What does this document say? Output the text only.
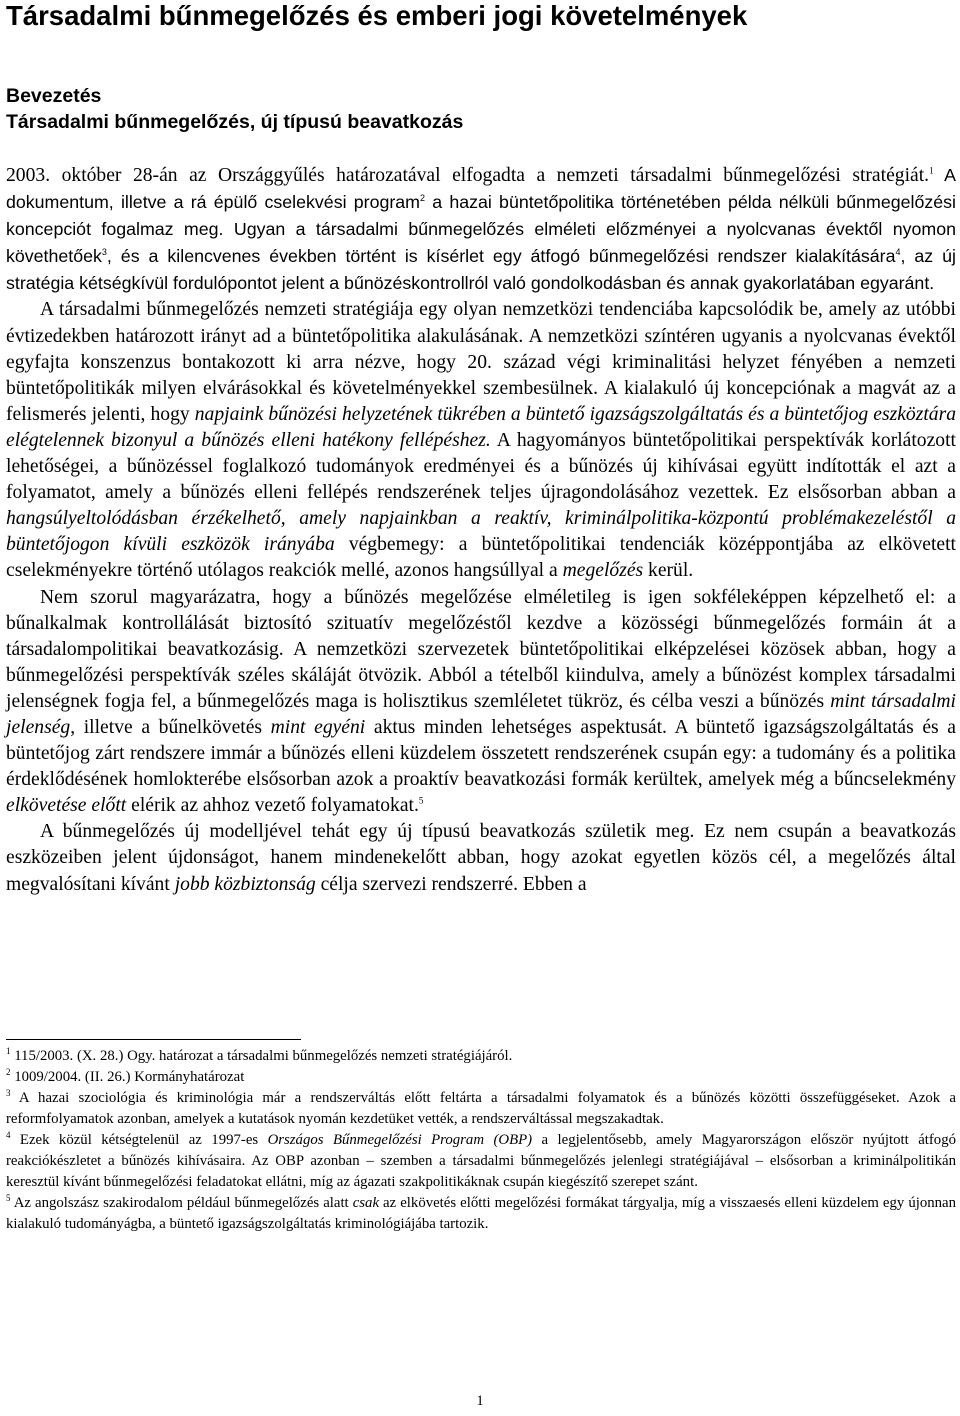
Társadalmi bűnmegelőzés és emberi jogi követelmények
Bevezetés
Társadalmi bűnmegelőzés, új típusú beavatkozás

2003. október 28-án az Országgyűlés határozatával elfogadta a nemzeti társadalmi bűnmegelőzési stratégiát.$^1$ A dokumentum, illetve a rá épülő cselekvési program$^2$ a hazai büntetőpolitika történetében példa nélküli bűnmegelőzési koncepciót fogalmaz meg. Ugyan a társadalmi bűnmegelőzés elméleti előzményei a nyolcvanas évektől nyomon követhetőek$^3$, és a kilencvenes években történt is kísérlet egy átfogó bűnmegelőzési rendszer kialakítására$^4$, az új stratégia kétségkívül fordulópontot jelent a bűnözéskontrollról való gondolkodásban és annak gyakorlatában egyaránt.

A társadalmi bűnmegelőzés nemzeti stratégiája egy olyan nemzetközi tendenciába kapcsolódik be, amely az utóbbi évtizedekben határozott irányt ad a büntetőpolitika alakulásának. A nemzetközi színtéren ugyanis a nyolcvanas évektől egyfajta konszenzus bontakozott ki arra nézve, hogy 20. század végi kriminalitási helyzet fényében a nemzeti büntetőpolitikák milyen elvárásokkal és követelményekkel szembesülnek. A kialakuló új koncepciónak a magvát az a felismerés jelenti, hogy napjaink bűnözési helyzetének tükrében a büntető igazságszolgáltatás és a büntetőjog eszköztára elégtelennek bizonyul a bűnözés elleni hatékony fellépéshez. A hagyományos büntetőpolitikai perspektívák korlátozott lehetőségei, a bűnözéssel foglalkozó tudományok eredményei és a bűnözés új kihívásai együtt indították el azt a folyamatot, amely a bűnözés elleni fellépés rendszerének teljes újragondolásához vezettek. Ez elsősorban abban a hangsúlyeltolódásban érzékelhető, amely napjainkban a reaktív, kriminálpolitika-központú problémakezeléstől a büntetőjogon kívüli eszközök irányába végbemegy: a büntetőpolitikai tendenciák középpontjába az elkövetett cselekményekre történő utólagos reakciók mellé, azonos hangsúllyal a megelőzés kerül.

Nem szorul magyarázatra, hogy a bűnözés megelőzése elméletileg is igen sokféleképpen képzelhető el: a bűnalkalmak kontrollálását biztosító szituatív megelőzéstől kezdve a közösségi bűnmegelőzés formáin át a társadalompolitikai beavatkozásig. A nemzetközi szervezetek büntetőpolitikai elképzelései közösek abban, hogy a bűnmegelőzési perspektívák széles skáláját ötvözik. Abból a tételből kiindulva, amely a bűnözést komplex társadalmi jelenségnek fogja fel, a bűnmegelőzés maga is holisztikus szemléletet tükröz, és célba veszi a bűnözés mint társadalmi jelenség, illetve a bűnelkövetés mint egyéni aktus minden lehetséges aspektusát. A büntető igazságszolgáltatás és a büntetőjog zárt rendszere immár a bűnözés elleni küzdelem összetett rendszerének csupán egy: a tudomány és a politika érdeklődésének homlokterébe elsősorban azok a proaktív beavatkozási formák kerültek, amelyek még a bűncselekmény elkövetése előtt elérik az ahhoz vezető folyamatokat.$^5$

A bűnmegelőzés új modelljével tehát egy új típusú beavatkozás születik meg. Ez nem csupán a beavatkozás eszközeiben jelent újdonságot, hanem mindenekelőtt abban, hogy azokat egyetlen közös cél, a megelőzés által megvalósítani kívánt jobb közbiztonság célja szervezi rendszerré. Ebben a

$^1$ 115/2003. (X. 28.) Ogy. határozat a társadalmi bűnmegelőzés nemzeti stratégiájáról.

$^2$ 1009/2004. (II. 26.) Kormányhatározat

$^3$ A hazai szociológia és kriminológia már a rendszerváltás előtt feltárta a társadalmi folyamatok és a bűnözés közötti összefüggéseket. Azok a reformfolyamatok azonban, amelyek a kutatások nyomán kezdetüket vették, a rendszerváltással megszakadtak.

$^4$ Ezek közül kétségtelenül az 1997-es Országos Bűnmegelőzési Program (OBP) a legjelentősebb, amely Magyarországon először nyújtott átfogó reakciókészletet a bűnözés kihívásaira. Az OBP azonban – szemben a társadalmi bűnmegelőzés jelenlegi stratégiájával – elsősorban a kriminálpolitikán keresztül kívánt bűnmegelőzési feladatokat ellátni, míg az ágazati szakpolitikáknak csupán kiegészítő szerepet szánt.

$^5$ Az angolszász szakirodalom például bűnmegelőzés alatt csak az elkövetés előtti megelőzési formákat tárgyalja, míg a visszaesés elleni küzdelem egy újonnan kialakuló tudományágba, a büntető igazságszolgáltatás kriminológiájába tartozik.

1
